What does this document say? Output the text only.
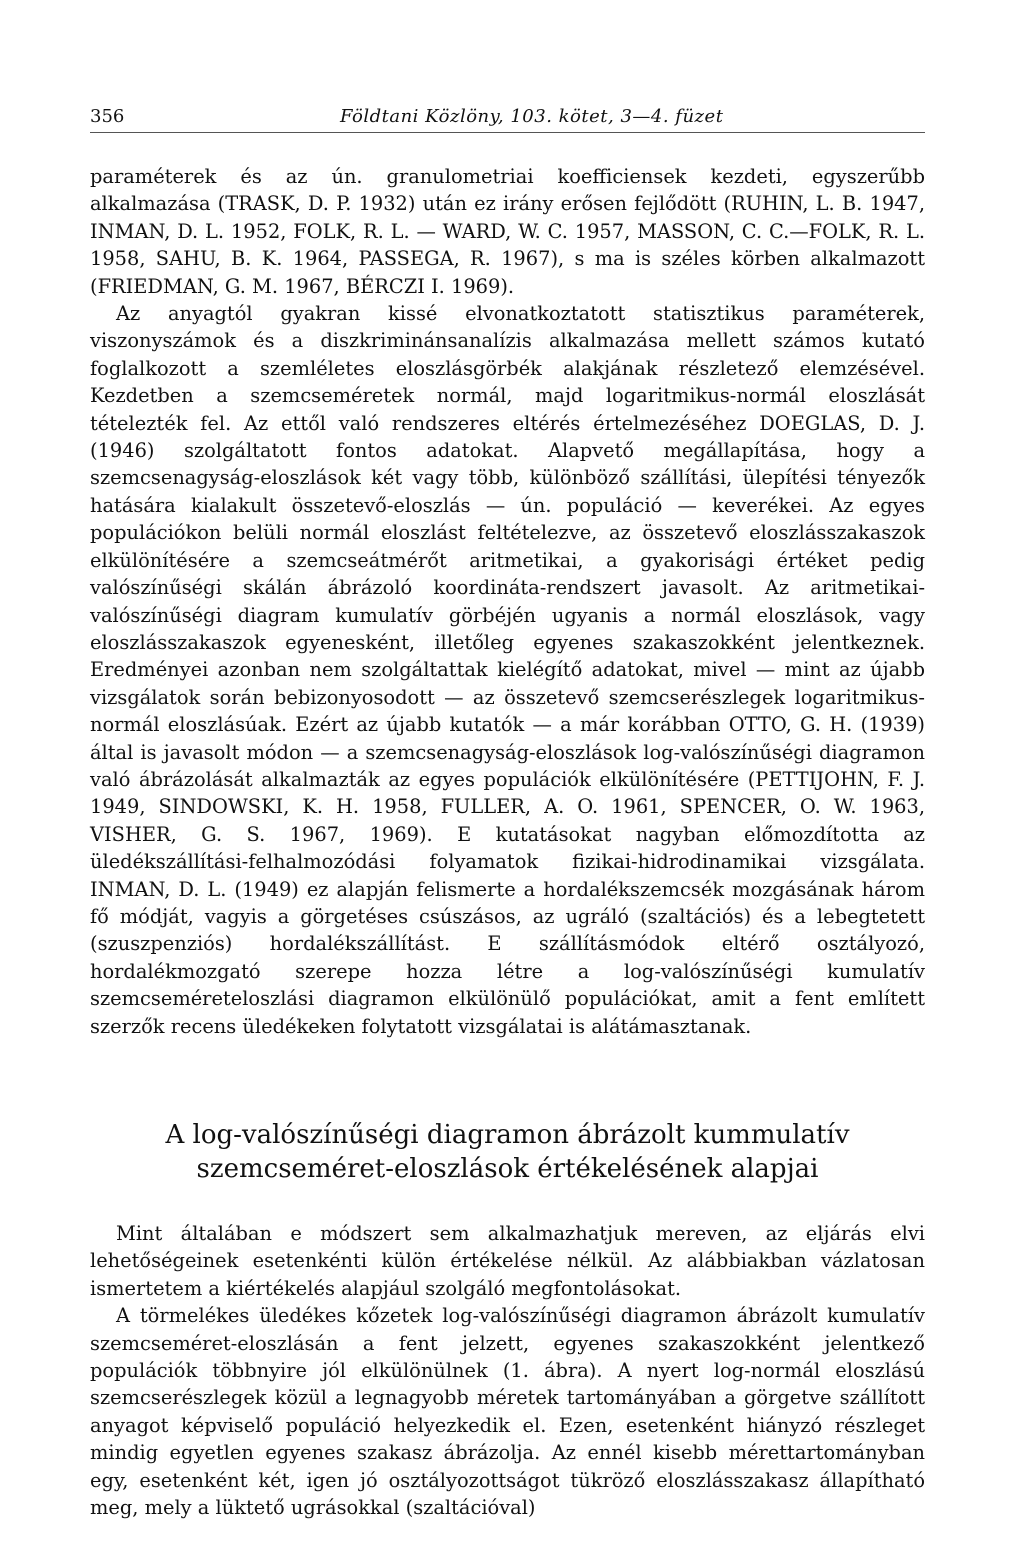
356	Földtani Közlöny, 103. kötet, 3—4. füzet

paraméterek és az ún. granulometriai koefficiensek kezdeti, egyszerűbb alkalmazása (TRASK, D. P. 1932) után ez irány erősen fejlődött (RUHIN, L. B. 1947, INMAN, D. L. 1952, FOLK, R. L. — WARD, W. C. 1957, MASSON, C. C.—FOLK, R. L. 1958, SAHU, B. K. 1964, PASSEGA, R. 1967), s ma is széles körben alkalmazott (FRIEDMAN, G. M. 1967, BÉRCZI I. 1969).

Az anyagtól gyakran kissé elvonatkoztatott statisztikus paraméterek, viszonyszámok és a diszkriminánsanalízis alkalmazása mellett számos kutató foglalkozott a szemléletes eloszlásgörbék alakjának részletező elemzésével. Kezdetben a szemcseméretek normál, majd logaritmikus-normál eloszlását tételezték fel. Az ettől való rendszeres eltérés értelmezéséhez DOEGLAS, D. J. (1946) szolgáltatott fontos adatokat. Alapvető megállapítása, hogy a szemcsenagyság-eloszlások két vagy több, különböző szállítási, ülepítési tényezők hatására kialakult összetevő-eloszlás — ún. populáció — keverékei. Az egyes populációkon belüli normál eloszlást feltételezve, az összetevő eloszlásszakaszok elkülönítésére a szemcseátmérőt aritmetikai, a gyakorisági értéket pedig valószínűségi skálán ábrázoló koordináta-rendszert javasolt. Az aritmetikai-valószínűségi diagram kumulatív görbéjén ugyanis a normál eloszlások, vagy eloszlásszakaszok egyenesként, illetőleg egyenes szakaszokként jelentkeznek. Eredményei azonban nem szolgáltattak kielégítő adatokat, mivel — mint az újabb vizsgálatok során bebizonyosodott — az összetevő szemcserészlegek logaritmikus-normál eloszlásúak. Ezért az újabb kutatók — a már korábban OTTO, G. H. (1939) által is javasolt módon — a szemcsenagyság-eloszlások log-valószínűségi diagramon való ábrázolását alkalmazták az egyes populációk elkülönítésére (PETTIJOHN, F. J. 1949, SINDOWSKI, K. H. 1958, FULLER, A. O. 1961, SPENCER, O. W. 1963, VISHER, G. S. 1967, 1969). E kutatásokat nagyban előmozdította az üledékszállítási-felhalmozódási folyamatok fizikai-hidrodinamikai vizsgálata. INMAN, D. L. (1949) ez alapján felismerte a hordalékszemcsék mozgásának három fő módját, vagyis a görgetéses csúszásos, az ugráló (szaltációs) és a lebegtetett (szuszpenziós) hordalékszállítást. E szállításmódok eltérő osztályozó, hordalékmozgató szerepe hozza létre a log-valószínűségi kumulatív szemcseméreteloszlási diagramon elkülönülő populációkat, amit a fent említett szerzők recens üledékeken folytatott vizsgálatai is alátámasztanak.

A log-valószínűségi diagramon ábrázolt kummulatív szemcseméret-eloszlások értékelésének alapjai

Mint általában e módszert sem alkalmazhatjuk mereven, az eljárás elvi lehetőségeinek esetenkénti külön értékelése nélkül. Az alábbiakban vázlatosan ismertetem a kiértékelés alapjául szolgáló megfontolásokat.

A törmelékes üledékes kőzetek log-valószínűségi diagramon ábrázolt kumulatív szemcseméret-eloszlásán a fent jelzett, egyenes szakaszokként jelentkező populációk többnyire jól elkülönülnek (1. ábra). A nyert log-normál eloszlású szemcserészlegek közül a legnagyobb méretek tartományában a görgetve szállított anyagot képviselő populáció helyezkedik el. Ezen, esetenként hiányzó részleget mindig egyetlen egyenes szakasz ábrázolja. Az ennél kisebb mérettartományban egy, esetenként két, igen jó osztályozottságot tükröző eloszlásszakasz állapítható meg, mely a lüktető ugrásokkal (szaltációval)
